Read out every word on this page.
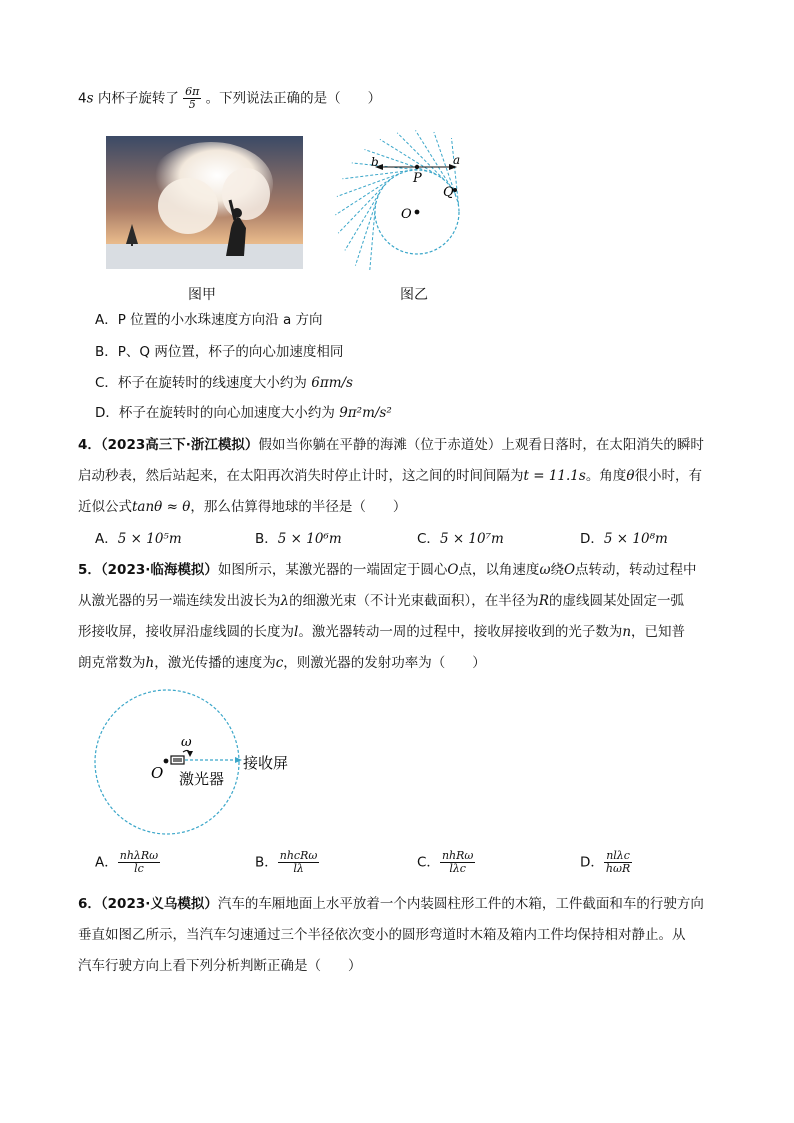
4s 内杯子旋转了 $\frac{6\pi}{5}$ 。下列说法正确的是（　　）
b	a
P
Q
O
图甲	图乙
A．P 位置的小水珠速度方向沿 a 方向
B．P、Q 两位置，杯子的向心加速度相同
C．杯子在旋转时的线速度大小约为 6πm/s
D．杯子在旋转时的向心加速度大小约为 9π²m/s²
4．（2023高三下·浙江模拟）假如当你躺在平静的海滩（位于赤道处）上观看日落时，在太阳消失的瞬时
启动秒表，然后站起来，在太阳再次消失时停止计时，这之间的时间间隔为t = 11.1s。角度θ很小时，有
近似公式tanθ ≈ θ，那么估算得地球的半径是（　　）
A．5 × 10⁵m	B．5 × 10⁶m	C．5 × 10⁷m	D．5 × 10⁸m
5．（2023·临海模拟）如图所示，某激光器的一端固定于圆心O点，以角速度ω绕O点转动，转动过程中
从激光器的另一端连续发出波长为λ的细激光束（不计光束截面积），在半径为R的虚线圆某处固定一弧
形接收屏，接收屏沿虚线圆的长度为l。激光器转动一周的过程中，接收屏接收到的光子数为n，已知普
朗克常数为h，激光传播的速度为c，则激光器的发射功率为（　　）
ω
O 激光器
接收屏
A． $\frac{\text{nhλRω}}{lc}$	B． $\frac{\text{nhcRω}}{l\lambda}$	C． $\frac{\text{nhRω}}{\text{lλc}}$	D． $\frac{\text{nlλc}}{\text{hωR}}$
6．（2023·义乌模拟）汽车的车厢地面上水平放着一个内装圆柱形工件的木箱，工件截面和车的行驶方向
垂直如图乙所示，当汽车匀速通过三个半径依次变小的圆形弯道时木箱及箱内工件均保持相对静止。从
汽车行驶方向上看下列分析判断正确是（　　）
